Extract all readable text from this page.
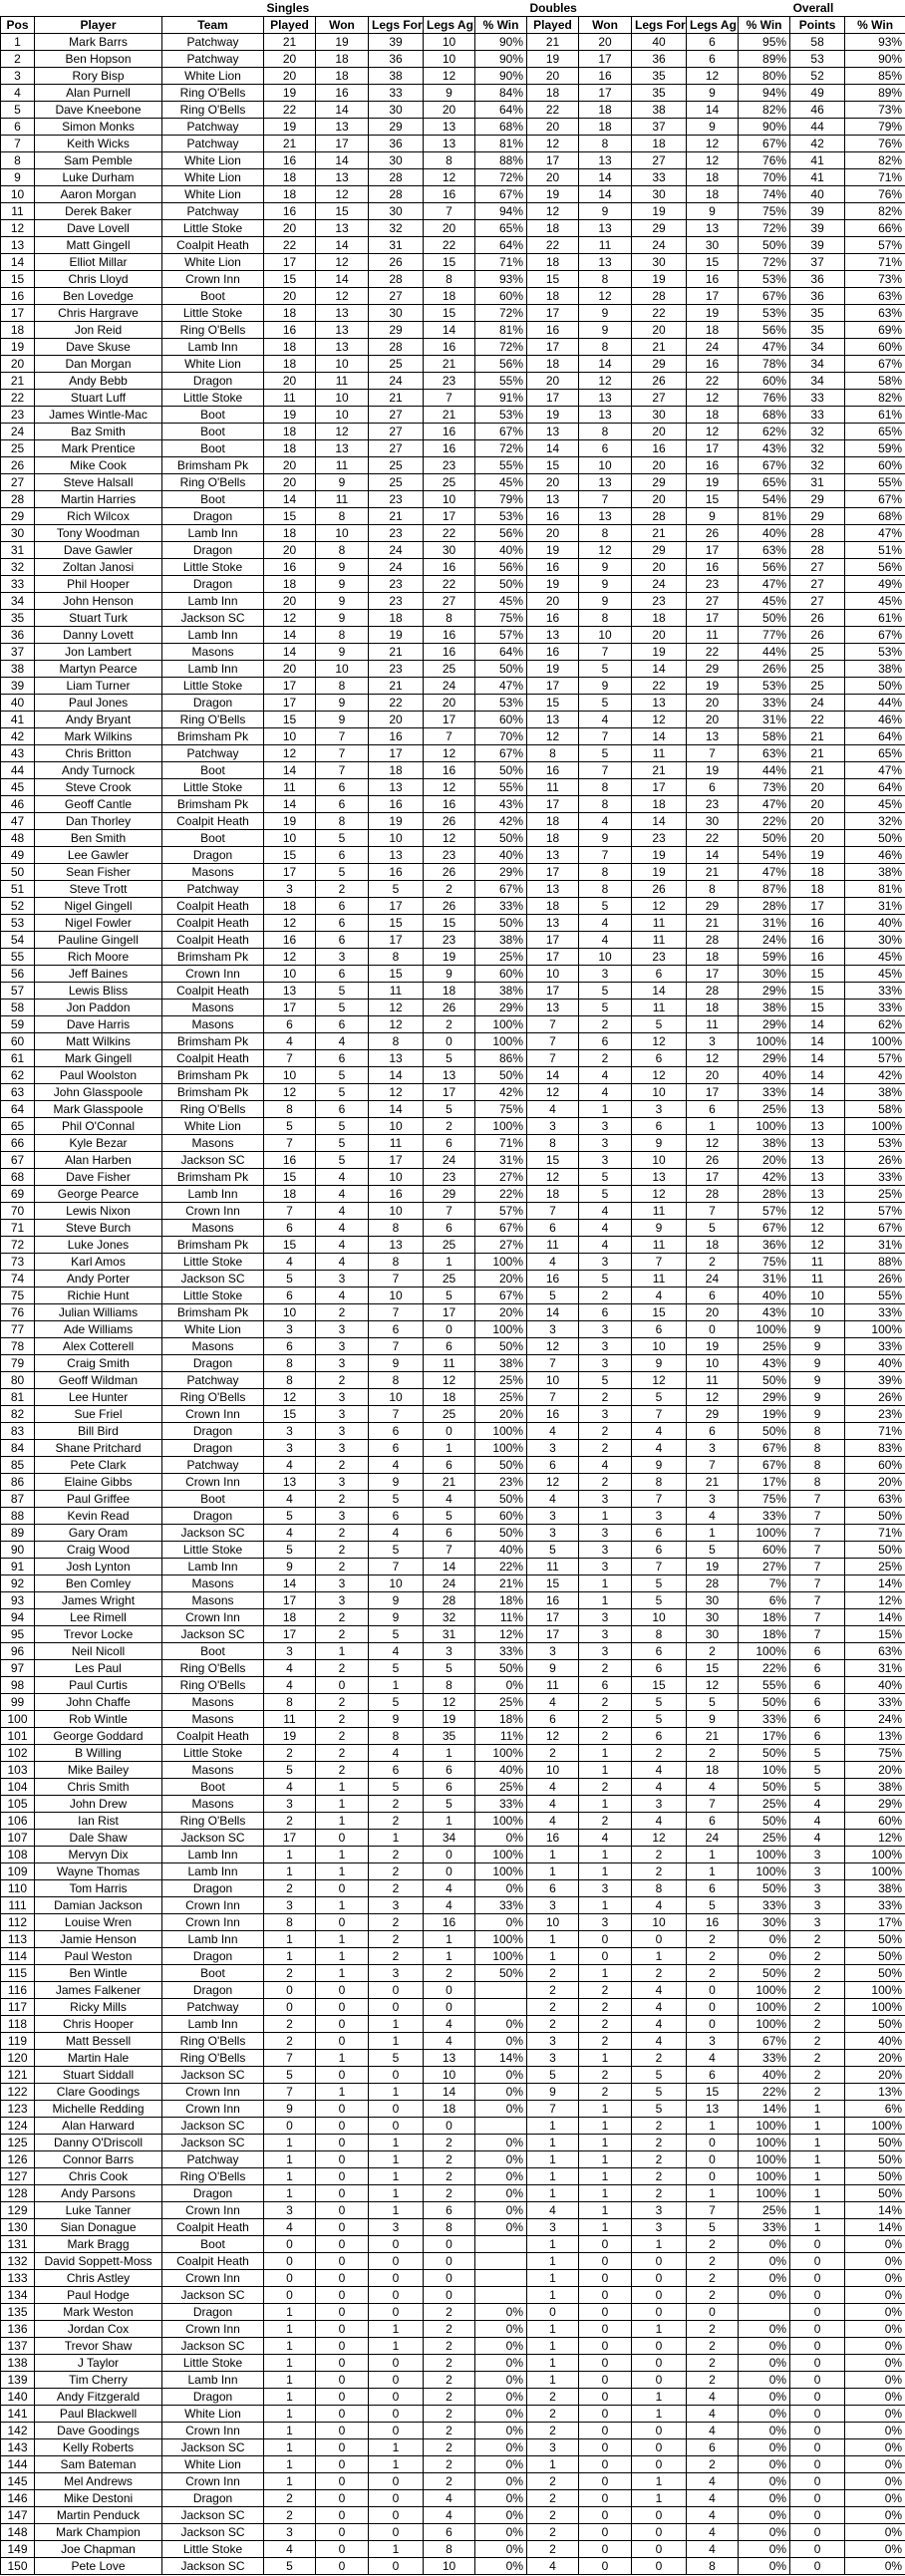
			Singles					Doubles					Overall	
Pos	Player	Team	Played	Won	Legs For	Legs Ag	% Win	Played	Won	Legs For	Legs Ag	% Win	Points	% Win
1	Mark Barrs	Patchway	21	19	39	10	90%	21	20	40	6	95%	58	93%
2	Ben Hopson	Patchway	20	18	36	10	90%	19	17	36	6	89%	53	90%
3	Rory Bisp	White Lion	20	18	38	12	90%	20	16	35	12	80%	52	85%
4	Alan Purnell	Ring O'Bells	19	16	33	9	84%	18	17	35	9	94%	49	89%
5	Dave Kneebone	Ring O'Bells	22	14	30	20	64%	22	18	38	14	82%	46	73%
6	Simon Monks	Patchway	19	13	29	13	68%	20	18	37	9	90%	44	79%
7	Keith Wicks	Patchway	21	17	36	13	81%	12	8	18	12	67%	42	76%
8	Sam Pemble	White Lion	16	14	30	8	88%	17	13	27	12	76%	41	82%
9	Luke Durham	White Lion	18	13	28	12	72%	20	14	33	18	70%	41	71%
10	Aaron Morgan	White Lion	18	12	28	16	67%	19	14	30	18	74%	40	76%
11	Derek Baker	Patchway	16	15	30	7	94%	12	9	19	9	75%	39	82%
12	Dave Lovell	Little Stoke	20	13	32	20	65%	18	13	29	13	72%	39	66%
13	Matt Gingell	Coalpit Heath	22	14	31	22	64%	22	11	24	30	50%	39	57%
14	Elliot Millar	White Lion	17	12	26	15	71%	18	13	30	15	72%	37	71%
15	Chris Lloyd	Crown Inn	15	14	28	8	93%	15	8	19	16	53%	36	73%
16	Ben Lovedge	Boot	20	12	27	18	60%	18	12	28	17	67%	36	63%
17	Chris Hargrave	Little Stoke	18	13	30	15	72%	17	9	22	19	53%	35	63%
18	Jon Reid	Ring O'Bells	16	13	29	14	81%	16	9	20	18	56%	35	69%
19	Dave Skuse	Lamb Inn	18	13	28	16	72%	17	8	21	24	47%	34	60%
20	Dan Morgan	White Lion	18	10	25	21	56%	18	14	29	16	78%	34	67%
21	Andy Bebb	Dragon	20	11	24	23	55%	20	12	26	22	60%	34	58%
22	Stuart Luff	Little Stoke	11	10	21	7	91%	17	13	27	12	76%	33	82%
23	James Wintle-Mac	Boot	19	10	27	21	53%	19	13	30	18	68%	33	61%
24	Baz Smith	Boot	18	12	27	16	67%	13	8	20	12	62%	32	65%
25	Mark Prentice	Boot	18	13	27	16	72%	14	6	16	17	43%	32	59%
26	Mike Cook	Brimsham Pk	20	11	25	23	55%	15	10	20	16	67%	32	60%
27	Steve Halsall	Ring O'Bells	20	9	25	25	45%	20	13	29	19	65%	31	55%
28	Martin Harries	Boot	14	11	23	10	79%	13	7	20	15	54%	29	67%
29	Rich Wilcox	Dragon	15	8	21	17	53%	16	13	28	9	81%	29	68%
30	Tony Woodman	Lamb Inn	18	10	23	22	56%	20	8	21	26	40%	28	47%
31	Dave Gawler	Dragon	20	8	24	30	40%	19	12	29	17	63%	28	51%
32	Zoltan Janosi	Little Stoke	16	9	24	16	56%	16	9	20	16	56%	27	56%
33	Phil Hooper	Dragon	18	9	23	22	50%	19	9	24	23	47%	27	49%
34	John Henson	Lamb Inn	20	9	23	27	45%	20	9	23	27	45%	27	45%
35	Stuart Turk	Jackson SC	12	9	18	8	75%	16	8	18	17	50%	26	61%
36	Danny Lovett	Lamb Inn	14	8	19	16	57%	13	10	20	11	77%	26	67%
37	Jon Lambert	Masons	14	9	21	16	64%	16	7	19	22	44%	25	53%
38	Martyn Pearce	Lamb Inn	20	10	23	25	50%	19	5	14	29	26%	25	38%
39	Liam Turner	Little Stoke	17	8	21	24	47%	17	9	22	19	53%	25	50%
40	Paul Jones	Dragon	17	9	22	20	53%	15	5	13	20	33%	24	44%
41	Andy Bryant	Ring O'Bells	15	9	20	17	60%	13	4	12	20	31%	22	46%
42	Mark Wilkins	Brimsham Pk	10	7	16	7	70%	12	7	14	13	58%	21	64%
43	Chris Britton	Patchway	12	7	17	12	67%	8	5	11	7	63%	21	65%
44	Andy Turnock	Boot	14	7	18	16	50%	16	7	21	19	44%	21	47%
45	Steve Crook	Little Stoke	11	6	13	12	55%	11	8	17	6	73%	20	64%
46	Geoff Cantle	Brimsham Pk	14	6	16	16	43%	17	8	18	23	47%	20	45%
47	Dan Thorley	Coalpit Heath	19	8	19	26	42%	18	4	14	30	22%	20	32%
48	Ben Smith	Boot	10	5	10	12	50%	18	9	23	22	50%	20	50%
49	Lee Gawler	Dragon	15	6	13	23	40%	13	7	19	14	54%	19	46%
50	Sean Fisher	Masons	17	5	16	26	29%	17	8	19	21	47%	18	38%
51	Steve Trott	Patchway	3	2	5	2	67%	13	8	26	8	87%	18	81%
52	Nigel Gingell	Coalpit Heath	18	6	17	26	33%	18	5	12	29	28%	17	31%
53	Nigel Fowler	Coalpit Heath	12	6	15	15	50%	13	4	11	21	31%	16	40%
54	Pauline Gingell	Coalpit Heath	16	6	17	23	38%	17	4	11	28	24%	16	30%
55	Rich Moore	Brimsham Pk	12	3	8	19	25%	17	10	23	18	59%	16	45%
56	Jeff Baines	Crown Inn	10	6	15	9	60%	10	3	6	17	30%	15	45%
57	Lewis Bliss	Coalpit Heath	13	5	11	18	38%	17	5	14	28	29%	15	33%
58	Jon Paddon	Masons	17	5	12	26	29%	13	5	11	18	38%	15	33%
59	Dave Harris	Masons	6	6	12	2	100%	7	2	5	11	29%	14	62%
60	Matt Wilkins	Brimsham Pk	4	4	8	0	100%	7	6	12	3	100%	14	100%
61	Mark Gingell	Coalpit Heath	7	6	13	5	86%	7	2	6	12	29%	14	57%
62	Paul Woolston	Brimsham Pk	10	5	14	13	50%	14	4	12	20	40%	14	42%
63	John Glasspoole	Brimsham Pk	12	5	12	17	42%	12	4	10	17	33%	14	38%
64	Mark Glasspoole	Ring O'Bells	8	6	14	5	75%	4	1	3	6	25%	13	58%
65	Phil O'Connal	White Lion	5	5	10	2	100%	3	3	6	1	100%	13	100%
66	Kyle Bezar	Masons	7	5	11	6	71%	8	3	9	12	38%	13	53%
67	Alan Harben	Jackson SC	16	5	17	24	31%	15	3	10	26	20%	13	26%
68	Dave Fisher	Brimsham Pk	15	4	10	23	27%	12	5	13	17	42%	13	33%
69	George Pearce	Lamb Inn	18	4	16	29	22%	18	5	12	28	28%	13	25%
70	Lewis Nixon	Crown Inn	7	4	10	7	57%	7	4	11	7	57%	12	57%
71	Steve Burch	Masons	6	4	8	6	67%	6	4	9	5	67%	12	67%
72	Luke Jones	Brimsham Pk	15	4	13	25	27%	11	4	11	18	36%	12	31%
73	Karl Amos	Little Stoke	4	4	8	1	100%	4	3	7	2	75%	11	88%
74	Andy Porter	Jackson SC	5	3	7	25	20%	16	5	11	24	31%	11	26%
75	Richie Hunt	Little Stoke	6	4	10	5	67%	5	2	4	6	40%	10	55%
76	Julian Williams	Brimsham Pk	10	2	7	17	20%	14	6	15	20	43%	10	33%
77	Ade Williams	White Lion	3	3	6	0	100%	3	3	6	0	100%	9	100%
78	Alex Cotterell	Masons	6	3	7	6	50%	12	3	10	19	25%	9	33%
79	Craig Smith	Dragon	8	3	9	11	38%	7	3	9	10	43%	9	40%
80	Geoff Wildman	Patchway	8	2	8	12	25%	10	5	12	11	50%	9	39%
81	Lee Hunter	Ring O'Bells	12	3	10	18	25%	7	2	5	12	29%	9	26%
82	Sue Friel	Crown Inn	15	3	7	25	20%	16	3	7	29	19%	9	23%
83	Bill Bird	Dragon	3	3	6	0	100%	4	2	4	6	50%	8	71%
84	Shane Pritchard	Dragon	3	3	6	1	100%	3	2	4	3	67%	8	83%
85	Pete Clark	Patchway	4	2	4	6	50%	6	4	9	7	67%	8	60%
86	Elaine Gibbs	Crown Inn	13	3	9	21	23%	12	2	8	21	17%	8	20%
87	Paul Griffee	Boot	4	2	5	4	50%	4	3	7	3	75%	7	63%
88	Kevin Read	Dragon	5	3	6	5	60%	3	1	3	4	33%	7	50%
89	Gary Oram	Jackson SC	4	2	4	6	50%	3	3	6	1	100%	7	71%
90	Craig Wood	Little Stoke	5	2	5	7	40%	5	3	6	5	60%	7	50%
91	Josh Lynton	Lamb Inn	9	2	7	14	22%	11	3	7	19	27%	7	25%
92	Ben Comley	Masons	14	3	10	24	21%	15	1	5	28	7%	7	14%
93	James Wright	Masons	17	3	9	28	18%	16	1	5	30	6%	7	12%
94	Lee Rimell	Crown Inn	18	2	9	32	11%	17	3	10	30	18%	7	14%
95	Trevor Locke	Jackson SC	17	2	5	31	12%	17	3	8	30	18%	7	15%
96	Neil Nicoll	Boot	3	1	4	3	33%	3	3	6	2	100%	6	63%
97	Les Paul	Ring O'Bells	4	2	5	5	50%	9	2	6	15	22%	6	31%
98	Paul Curtis	Ring O'Bells	4	0	1	8	0%	11	6	15	12	55%	6	40%
99	John Chaffe	Masons	8	2	5	12	25%	4	2	5	5	50%	6	33%
100	Rob Wintle	Masons	11	2	9	19	18%	6	2	5	9	33%	6	24%
101	George Goddard	Coalpit Heath	19	2	8	35	11%	12	2	6	21	17%	6	13%
102	B Willing	Little Stoke	2	2	4	1	100%	2	1	2	2	50%	5	75%
103	Mike Bailey	Masons	5	2	6	6	40%	10	1	4	18	10%	5	20%
104	Chris Smith	Boot	4	1	5	6	25%	4	2	4	4	50%	5	38%
105	John Drew	Masons	3	1	2	5	33%	4	1	3	7	25%	4	29%
106	Ian Rist	Ring O'Bells	2	1	2	1	100%	4	2	4	6	50%	4	60%
107	Dale Shaw	Jackson SC	17	0	1	34	0%	16	4	12	24	25%	4	12%
108	Mervyn Dix	Lamb Inn	1	1	2	0	100%	1	1	2	1	100%	3	100%
109	Wayne Thomas	Lamb Inn	1	1	2	0	100%	1	1	2	1	100%	3	100%
110	Tom Harris	Dragon	2	0	2	4	0%	6	3	8	6	50%	3	38%
111	Damian Jackson	Crown Inn	3	1	3	4	33%	3	1	4	5	33%	3	33%
112	Louise Wren	Crown Inn	8	0	2	16	0%	10	3	10	16	30%	3	17%
113	Jamie Henson	Lamb Inn	1	1	2	1	100%	1	0	0	2	0%	2	50%
114	Paul Weston	Dragon	1	1	2	1	100%	1	0	1	2	0%	2	50%
115	Ben Wintle	Boot	2	1	3	2	50%	2	1	2	2	50%	2	50%
116	James Falkener	Dragon	0	0	0	0		2	2	4	0	100%	2	100%
117	Ricky Mills	Patchway	0	0	0	0		2	2	4	0	100%	2	100%
118	Chris Hooper	Lamb Inn	2	0	1	4	0%	2	2	4	0	100%	2	50%
119	Matt Bessell	Ring O'Bells	2	0	1	4	0%	3	2	4	3	67%	2	40%
120	Martin Hale	Ring O'Bells	7	1	5	13	14%	3	1	2	4	33%	2	20%
121	Stuart Siddall	Jackson SC	5	0	0	10	0%	5	2	5	6	40%	2	20%
122	Clare Goodings	Crown Inn	7	1	1	14	0%	9	2	5	15	22%	2	13%
123	Michelle Redding	Crown Inn	9	0	0	18	0%	7	1	5	13	14%	1	6%
124	Alan Harward	Jackson SC	0	0	0	0		1	1	2	1	100%	1	100%
125	Danny O'Driscoll	Jackson SC	1	0	1	2	0%	1	1	2	0	100%	1	50%
126	Connor Barrs	Patchway	1	0	1	2	0%	1	1	2	0	100%	1	50%
127	Chris Cook	Ring O'Bells	1	0	1	2	0%	1	1	2	0	100%	1	50%
128	Andy Parsons	Dragon	1	0	1	2	0%	1	1	2	1	100%	1	50%
129	Luke Tanner	Crown Inn	3	0	1	6	0%	4	1	3	7	25%	1	14%
130	Sian Donague	Coalpit Heath	4	0	3	8	0%	3	1	3	5	33%	1	14%
131	Mark Bragg	Boot	0	0	0	0		1	0	1	2	0%	0	0%
132	David Soppett-Moss	Coalpit Heath	0	0	0	0		1	0	0	2	0%	0	0%
133	Chris Astley	Crown Inn	0	0	0	0		1	0	0	2	0%	0	0%
134	Paul Hodge	Jackson SC	0	0	0	0		1	0	0	2	0%	0	0%
135	Mark Weston	Dragon	1	0	0	2	0%	0	0	0	0		0	0%
136	Jordan Cox	Crown Inn	1	0	1	2	0%	1	0	1	2	0%	0	0%
137	Trevor Shaw	Jackson SC	1	0	1	2	0%	1	0	0	2	0%	0	0%
138	J Taylor	Little Stoke	1	0	0	2	0%	1	0	0	2	0%	0	0%
139	Tim Cherry	Lamb Inn	1	0	0	2	0%	1	0	0	2	0%	0	0%
140	Andy Fitzgerald	Dragon	1	0	0	2	0%	2	0	1	4	0%	0	0%
141	Paul Blackwell	White Lion	1	0	0	2	0%	2	0	1	4	0%	0	0%
142	Dave Goodings	Crown Inn	1	0	0	2	0%	2	0	0	4	0%	0	0%
143	Kelly Roberts	Jackson SC	1	0	1	2	0%	3	0	0	6	0%	0	0%
144	Sam Bateman	White Lion	1	0	1	2	0%	1	0	0	2	0%	0	0%
145	Mel Andrews	Crown Inn	1	0	0	2	0%	2	0	1	4	0%	0	0%
146	Mike Destoni	Dragon	2	0	0	4	0%	2	0	1	4	0%	0	0%
147	Martin Penduck	Jackson SC	2	0	0	4	0%	2	0	0	4	0%	0	0%
148	Mark Champion	Jackson SC	3	0	0	6	0%	2	0	0	4	0%	0	0%
149	Joe Chapman	Little Stoke	4	0	1	8	0%	2	0	0	4	0%	0	0%
150	Pete Love	Jackson SC	5	0	0	10	0%	4	0	0	8	0%	0	0%
